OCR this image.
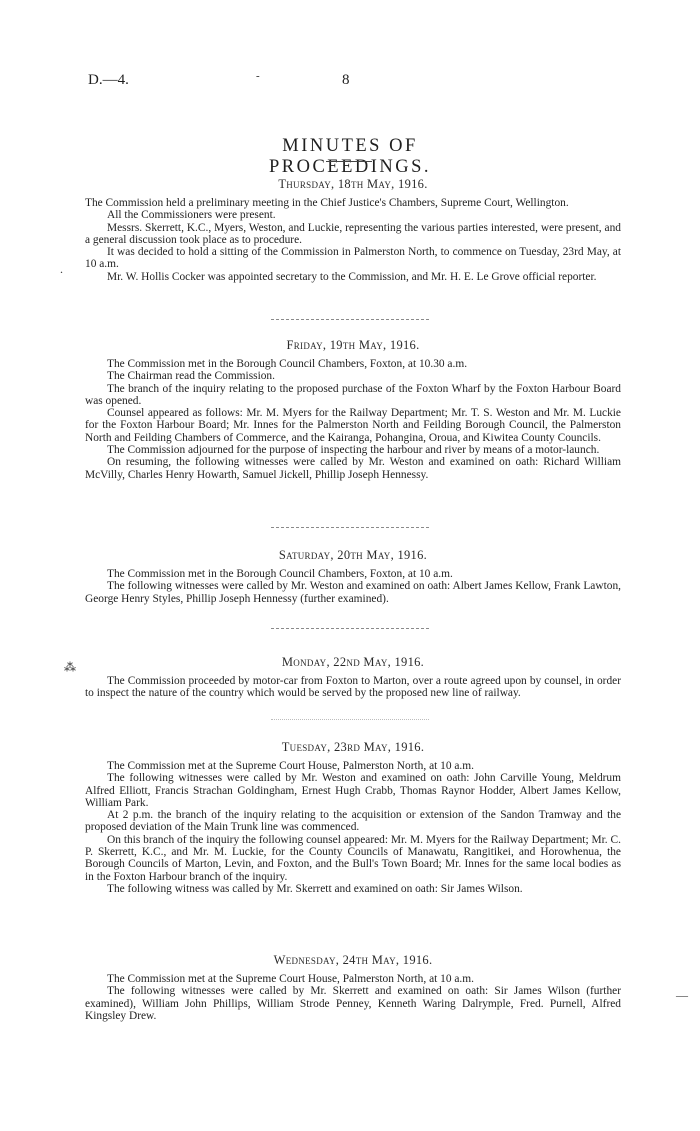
D.—4.	-	8
MINUTES OF PROCEEDINGS.

Thursday, 18th May, 1916.

The Commission held a preliminary meeting in the Chief Justice's Chambers, Supreme Court, Wellington.

All the Commissioners were present.

Messrs. Skerrett, K.C., Myers, Weston, and Luckie, representing the various parties interested, were present, and a general discussion took place as to procedure.

It was decided to hold a sitting of the Commission in Palmerston North, to commence on Tuesday, 23rd May, at 10 a.m.

Mr. W. Hollis Cocker was appointed secretary to the Commission, and Mr. H. E. Le Grove official reporter.

Friday, 19th May, 1916.

The Commission met in the Borough Council Chambers, Foxton, at 10.30 a.m.

The Chairman read the Commission.

The branch of the inquiry relating to the proposed purchase of the Foxton Wharf by the Foxton Harbour Board was opened.

Counsel appeared as follows: Mr. M. Myers for the Railway Department; Mr. T. S. Weston and Mr. M. Luckie for the Foxton Harbour Board; Mr. Innes for the Palmerston North and Feilding Borough Council, the Palmerston North and Feilding Chambers of Commerce, and the Kairanga, Pohangina, Oroua, and Kiwitea County Councils.

The Commission adjourned for the purpose of inspecting the harbour and river by means of a motor-launch.

On resuming, the following witnesses were called by Mr. Weston and examined on oath: Richard William McVilly, Charles Henry Howarth, Samuel Jickell, Phillip Joseph Hennessy.

Saturday, 20th May, 1916.

The Commission met in the Borough Council Chambers, Foxton, at 10 a.m.

The following witnesses were called by Mr. Weston and examined on oath: Albert James Kellow, Frank Lawton, George Henry Styles, Phillip Joseph Hennessy (further examined).

Monday, 22nd May, 1916.

The Commission proceeded by motor-car from Foxton to Marton, over a route agreed upon by counsel, in order to inspect the nature of the country which would be served by the proposed new line of railway.

Tuesday, 23rd May, 1916.

The Commission met at the Supreme Court House, Palmerston North, at 10 a.m.

The following witnesses were called by Mr. Weston and examined on oath: John Carville Young, Meldrum Alfred Elliott, Francis Strachan Goldingham, Ernest Hugh Crabb, Thomas Raynor Hodder, Albert James Kellow, William Park.

At 2 p.m. the branch of the inquiry relating to the acquisition or extension of the Sandon Tramway and the proposed deviation of the Main Trunk line was commenced.

On this branch of the inquiry the following counsel appeared: Mr. M. Myers for the Railway Department; Mr. C. P. Skerrett, K.C., and Mr. M. Luckie, for the County Councils of Manawatu, Rangitikei, and Horowhenua, the Borough Councils of Marton, Levin, and Foxton, and the Bull's Town Board; Mr. Innes for the same local bodies as in the Foxton Harbour branch of the inquiry.

The following witness was called by Mr. Skerrett and examined on oath: Sir James Wilson.

Wednesday, 24th May, 1916.

The Commission met at the Supreme Court House, Palmerston North, at 10 a.m.

The following witnesses were called by Mr. Skerrett and examined on oath: Sir James Wilson (further examined), William John Phillips, William Strode Penney, Kenneth Waring Dalrymple, Fred. Purnell, Alfred Kingsley Drew.

⁂
—
.
